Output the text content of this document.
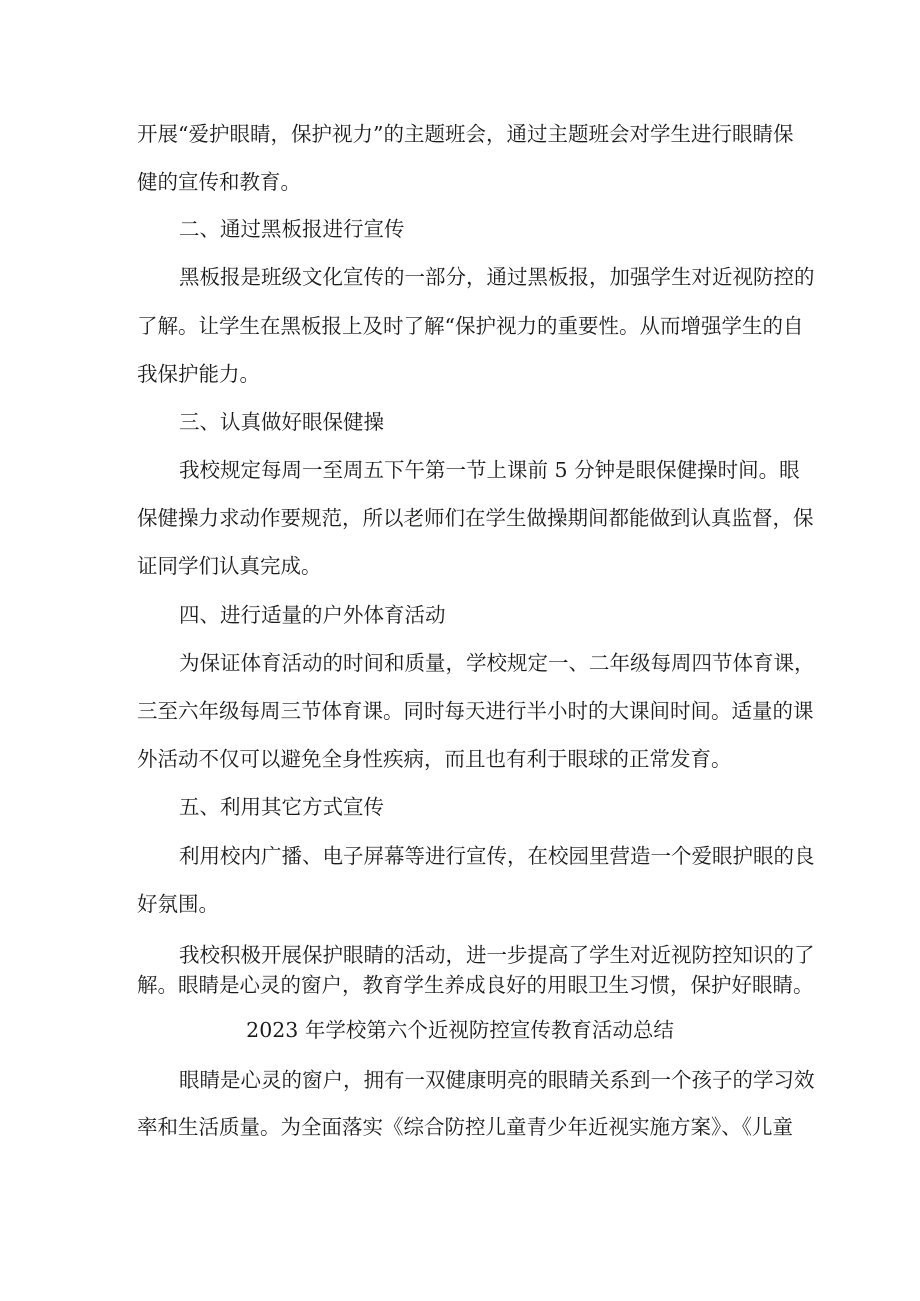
开展“爱护眼睛，保护视力”的主题班会，通过主题班会对学生进行眼睛保
健的宣传和教育。
二、通过黑板报进行宣传
黑板报是班级文化宣传的一部分，通过黑板报，加强学生对近视防控的
了解。让学生在黑板报上及时了解“保护视力的重要性。从而增强学生的自
我保护能力。
三、认真做好眼保健操
我校规定每周一至周五下午第一节上课前 5 分钟是眼保健操时间。眼
保健操力求动作要规范，所以老师们在学生做操期间都能做到认真监督，保
证同学们认真完成。
四、进行适量的户外体育活动
为保证体育活动的时间和质量，学校规定一、二年级每周四节体育课，
三至六年级每周三节体育课。同时每天进行半小时的大课间时间。适量的课
外活动不仅可以避免全身性疾病，而且也有利于眼球的正常发育。
五、利用其它方式宣传
利用校内广播、电子屏幕等进行宣传，在校园里营造一个爱眼护眼的良
好氛围。
我校积极开展保护眼睛的活动，进一步提高了学生对近视防控知识的了
解。眼睛是心灵的窗户，教育学生养成良好的用眼卫生习惯，保护好眼睛。
2023 年学校第六个近视防控宣传教育活动总结
眼睛是心灵的窗户，拥有一双健康明亮的眼睛关系到一个孩子的学习效
率和生活质量。为全面落实《综合防控儿童青少年近视实施方案》、《儿童
